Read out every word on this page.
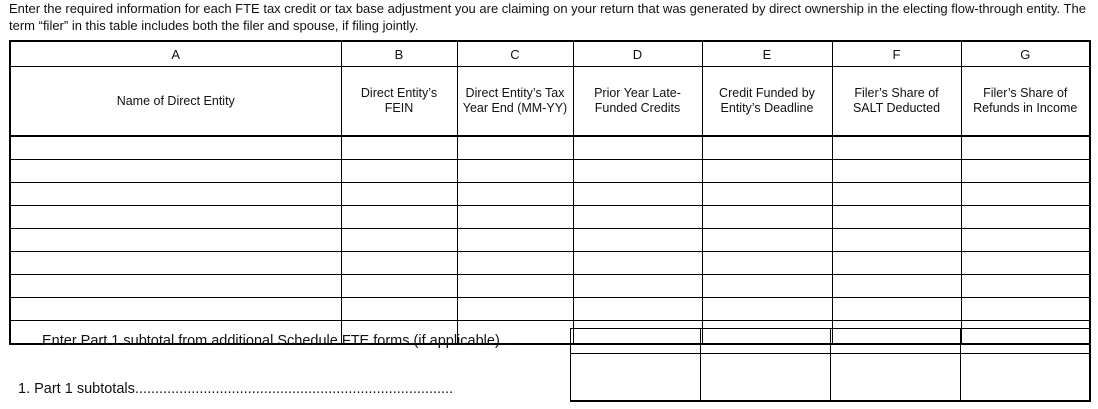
Enter the required information for each FTE tax credit or tax base adjustment you are claiming on your return that was generated by direct ownership in the electing flow-through entity. The term “filer” in this table includes both the filer and spouse, if filing jointly.
A	B	C	D	E	F	G
Name of Direct Entity	Direct Entity’s FEIN	Direct Entity’s Tax Year End (MM-YY)	Prior Year Late-Funded Credits	Credit Funded by Entity’s Deadline	Filer’s Share of SALT Deducted	Filer’s Share of Refunds in Income

Enter Part 1 subtotal from additional Schedule FTE forms (if applicable)....
1. Part 1 subtotals...............................................................................
